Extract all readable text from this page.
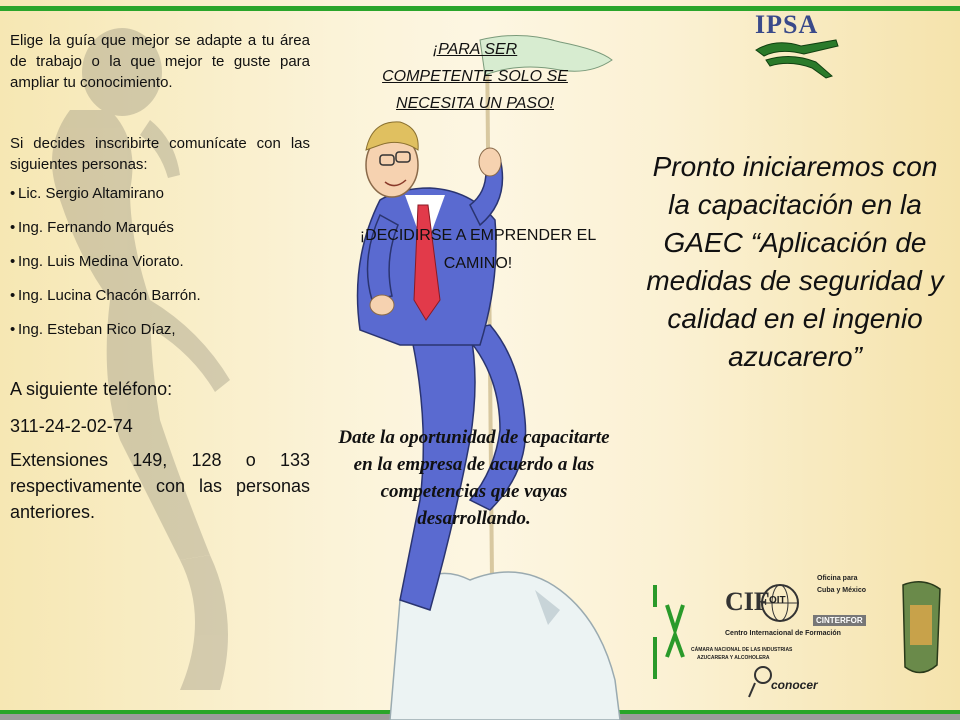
Elige la guía que mejor se adapte a tu área de trabajo o la que mejor te guste para ampliar tu conocimiento.

Si decides inscribirte comunícate con las siguientes personas:

• Lic. Sergio Altamirano
• Ing. Fernando Marqués
• Ing. Luis Medina Viorato.
• Ing. Lucina Chacón Barrón.
• Ing. Esteban Rico Díaz,

A siguiente teléfono:

311-24-2-02-74

Extensiones 149, 128 o 133 respectivamente con las personas anteriores.

¡PARA SER
COMPETENTE SOLO SE
NECESITA UN PASO!
¡DECIDIRSE A EMPRENDER EL CAMINO!
Date la oportunidad de capacitarte en la empresa de acuerdo a las competencias que vayas desarrollando.
IPSA
Pronto iniciaremos con la capacitación en la GAEC “Aplicación de medidas de seguridad y calidad en el ingenio azucarero”
CIF OIT
Centro Internacional de Formación
Oficina para
Cuba y México
CINTERFOR
CÁMARA NACIONAL DE LAS INDUSTRIAS
AZUCARERA Y ALCOHOLERA
conocer
